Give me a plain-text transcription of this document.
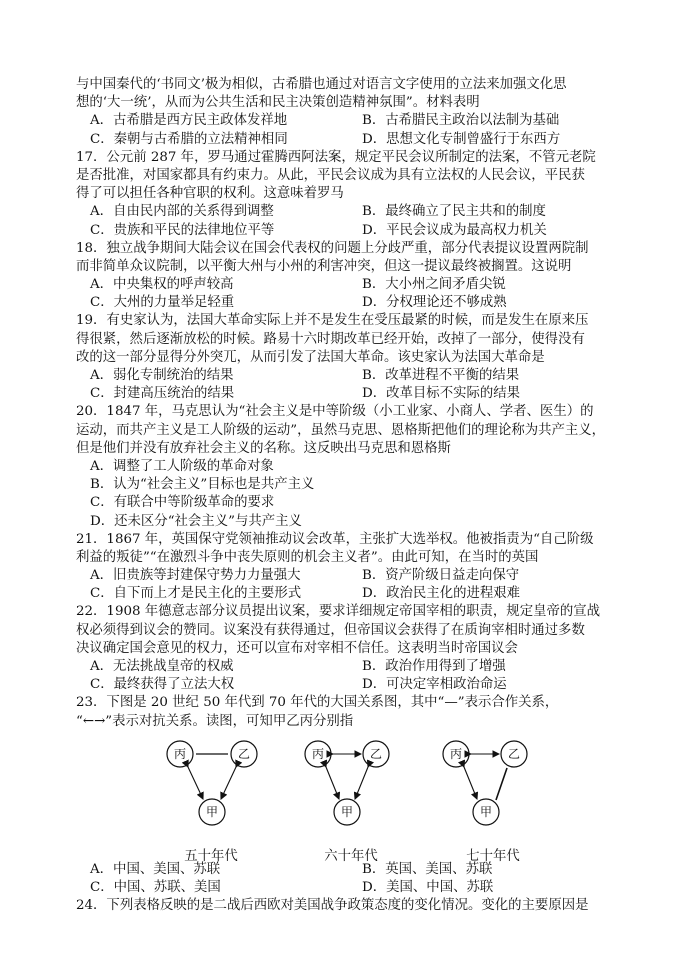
与中国秦代的‘书同文’极为相似，古希腊也通过对语言文字使用的立法来加强文化思
想的‘大一统’，从而为公共生活和民主决策创造精神氛围”。材料表明
A．古希腊是西方民主政体发祥地	B．古希腊民主政治以法制为基础
C．秦朝与古希腊的立法精神相同	D．思想文化专制曾盛行于东西方
17．公元前 287 年，罗马通过霍腾西阿法案，规定平民会议所制定的法案，不管元老院
是否批准，对国家都具有约束力。从此，平民会议成为具有立法权的人民会议，平民获
得了可以担任各种官职的权利。这意味着罗马
A．自由民内部的关系得到调整	B．最终确立了民主共和的制度
C．贵族和平民的法律地位平等	D．平民会议成为最高权力机关
18．独立战争期间大陆会议在国会代表权的问题上分歧严重，部分代表提议设置两院制
而非简单众议院制，以平衡大州与小州的利害冲突，但这一提议最终被搁置。这说明
A．中央集权的呼声较高	B．大小州之间矛盾尖锐
C．大州的力量举足轻重	D．分权理论还不够成熟
19．有史家认为，法国大革命实际上并不是发生在受压最紧的时候，而是发生在原来压
得很紧，然后逐渐放松的时候。路易十六时期改革已经开始，改掉了一部分，使得没有
改的这一部分显得分外突兀，从而引发了法国大革命。该史家认为法国大革命是
A．弱化专制统治的结果	B．改革进程不平衡的结果
C．封建高压统治的结果	D．改革目标不实际的结果
20．1847 年，马克思认为“社会主义是中等阶级（小工业家、小商人、学者、医生）的
运动，而共产主义是工人阶级的运动”，虽然马克思、恩格斯把他们的理论称为共产主义，
但是他们并没有放弃社会主义的名称。这反映出马克思和恩格斯
A．调整了工人阶级的革命对象
B．认为“社会主义”目标也是共产主义
C．有联合中等阶级革命的要求
D．还未区分“社会主义”与共产主义
21．1867 年，英国保守党领袖推动议会改革，主张扩大选举权。他被指责为“自己阶级
利益的叛徒”“在激烈斗争中丧失原则的机会主义者”。由此可知，在当时的英国
A．旧贵族等封建保守势力力量强大	B．资产阶级日益走向保守
C．自下而上才是民主化的主要形式	D．政治民主化的进程艰难
22．1908 年德意志部分议员提出议案，要求详细规定帝国宰相的职责，规定皇帝的宣战
权必须得到议会的赞同。议案没有获得通过，但帝国议会获得了在质询宰相时通过多数
决议确定国会意见的权力，还可以宣布对宰相不信任。这表明当时帝国议会
A．无法挑战皇帝的权威	B．政治作用得到了增强
C．最终获得了立法大权	D．可决定宰相政治命运
23．下图是 20 世纪 50 年代到 70 年代的大国关系图，其中“—”表示合作关系，
“←→”表示对抗关系。读图，可知甲乙丙分别指
丙	乙
甲
五十年代
丙	乙
甲
六十年代
丙	乙
甲
七十年代
A．中国、美国、苏联	B．英国、美国、苏联
C．中国、苏联、美国	D．美国、中国、苏联
24．下列表格反映的是二战后西欧对美国战争政策态度的变化情况。变化的主要原因是
